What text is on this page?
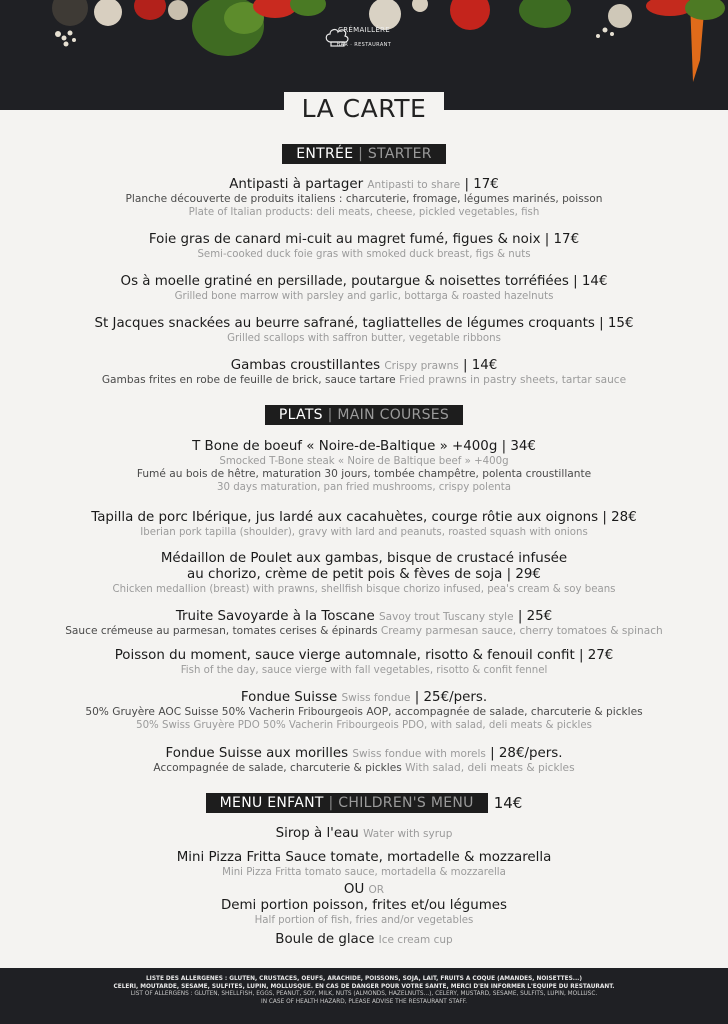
CRÉMAILLÈRE
BAR · RESTAURANT
LA CARTE
ENTRÉE | STARTER
Antipasti à partager Antipasti to share | 17€
Planche découverte de produits italiens : charcuterie, fromage, légumes marinés, poisson
Plate of Italian products: deli meats, cheese, pickled vegetables, fish
Foie gras de canard mi-cuit au magret fumé, figues & noix | 17€
Semi-cooked duck foie gras with smoked duck breast, figs & nuts
Os à moelle gratiné en persillade, poutargue & noisettes torréfiées | 14€
Grilled bone marrow with parsley and garlic, bottarga & roasted hazelnuts
St Jacques snackées au beurre safrané, tagliattelles de légumes croquants | 15€
Grilled scallops with saffron butter, vegetable ribbons
Gambas croustillantes Crispy prawns | 14€
Gambas frites en robe de feuille de brick, sauce tartare Fried prawns in pastry sheets, tartar sauce
PLATS | MAIN COURSES
T Bone de boeuf « Noire-de-Baltique » +400g | 34€
Smocked T-Bone steak « Noire de Baltique beef » +400g
Fumé au bois de hêtre, maturation 30 jours, tombée champêtre, polenta croustillante
30 days maturation, pan fried mushrooms, crispy polenta
Tapilla de porc Ibérique, jus lardé aux cacahuètes, courge rôtie aux oignons | 28€
Iberian pork tapilla (shoulder), gravy with lard and peanuts, roasted squash with onions
Médaillon de Poulet aux gambas, bisque de crustacé infusée
au chorizo, crème de petit pois & fèves de soja | 29€
Chicken medallion (breast) with prawns, shellfish bisque chorizo infused, pea's cream & soy beans
Truite Savoyarde à la Toscane Savoy trout Tuscany style | 25€
Sauce crémeuse au parmesan, tomates cerises & épinards Creamy parmesan sauce, cherry tomatoes & spinach
Poisson du moment, sauce vierge automnale, risotto & fenouil confit | 27€
Fish of the day, sauce vierge with fall vegetables, risotto & confit fennel
Fondue Suisse Swiss fondue | 25€/pers.
50% Gruyère AOC Suisse 50% Vacherin Fribourgeois AOP, accompagnée de salade, charcuterie & pickles
50% Swiss Gruyère PDO 50% Vacherin Fribourgeois PDO, with salad, deli meats & pickles
Fondue Suisse aux morilles Swiss fondue with morels | 28€/pers.
Accompagnée de salade, charcuterie & pickles With salad, deli meats & pickles
MENU ENFANT | CHILDREN'S MENU 14€
Sirop à l'eau Water with syrup
Mini Pizza Fritta Sauce tomate, mortadelle & mozzarella
Mini Pizza Fritta tomato sauce, mortadella & mozzarella
OU OR
Demi portion poisson, frites et/ou légumes
Half portion of fish, fries and/or vegetables
Boule de glace Ice cream cup
LISTE DES ALLERGENES : GLUTEN, CRUSTACES, OEUFS, ARACHIDE, POISSONS, SOJA, LAIT, FRUITS A COQUE (AMANDES, NOISETTES...)
CELERI, MOUTARDE, SESAME, SULFITES, LUPIN, MOLLUSQUE. EN CAS DE DANGER POUR VOTRE SANTE, MERCI D'EN INFORMER L'EQUIPE DU RESTAURANT.
LIST OF ALLERGENS : GLUTEN, SHELLFISH, EGGS, PEANUT, SOY, MILK, NUTS (ALMONDS, HAZELNUTS...), CELERY, MUSTARD, SESAME, SULFITS, LUPIN, MOLLUSC.
IN CASE OF HEALTH HAZARD, PLEASE ADVISE THE RESTAURANT STAFF.
